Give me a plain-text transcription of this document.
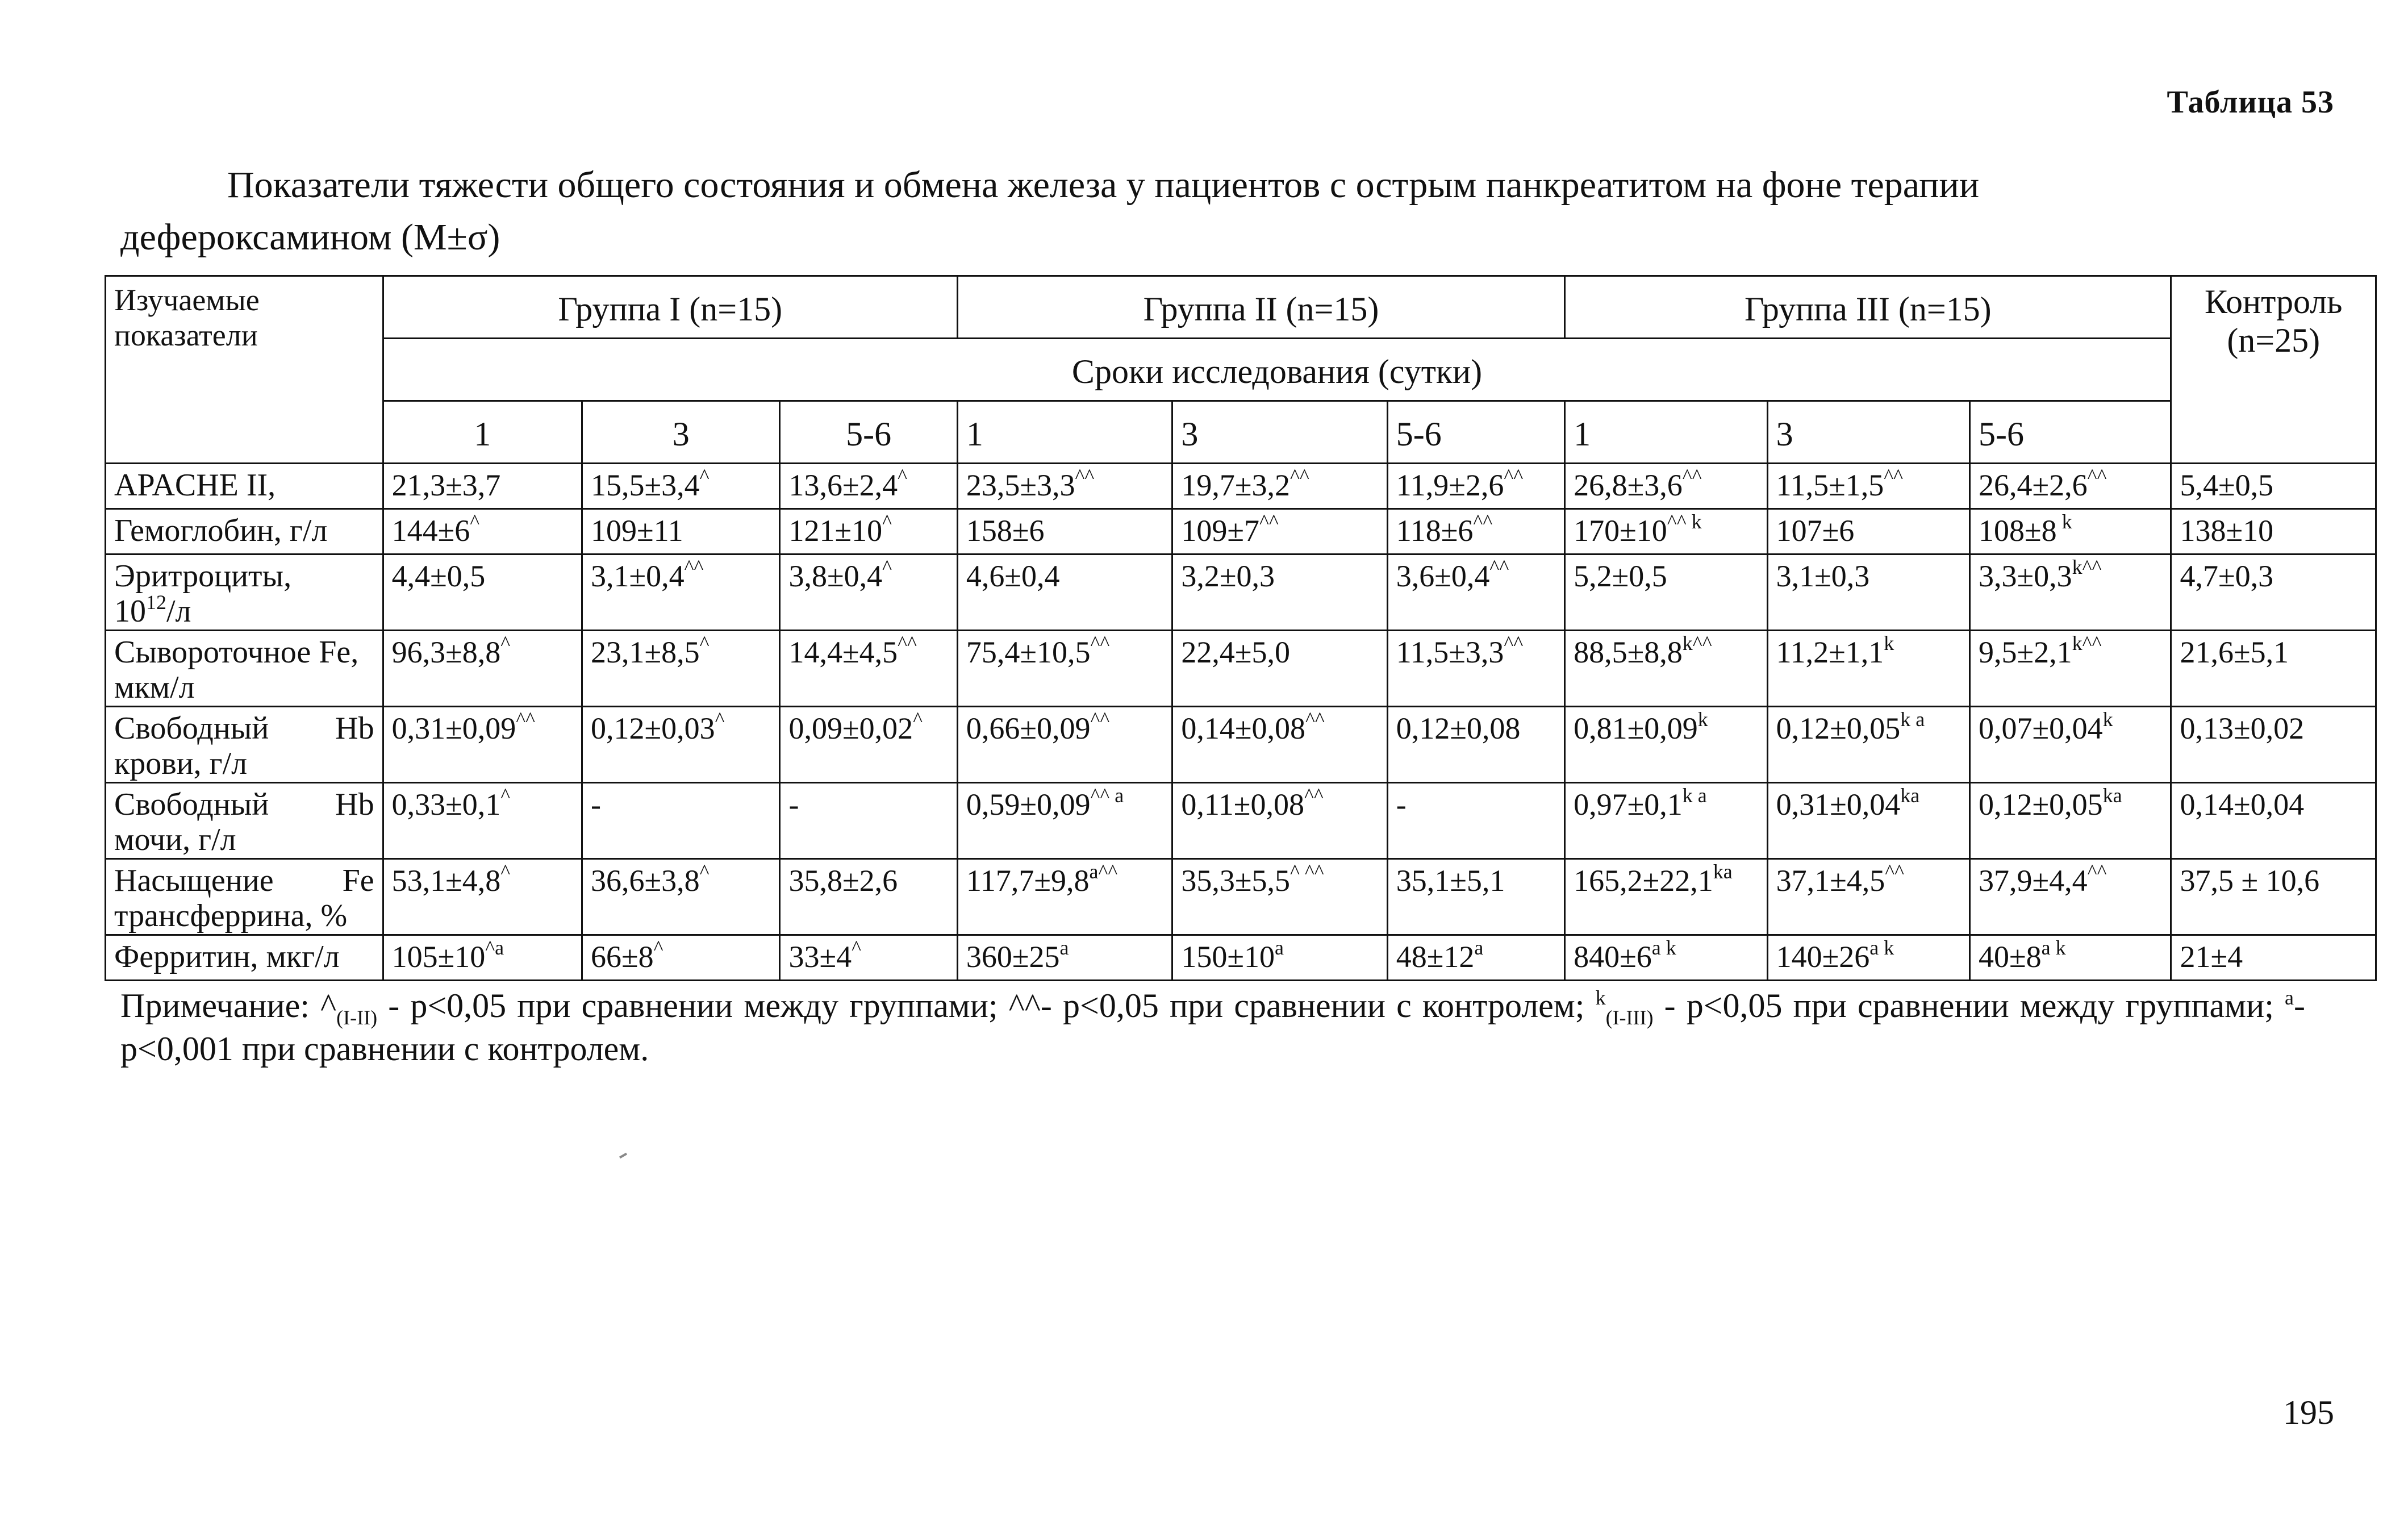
Таблица 53
Показатели тяжести общего состояния и обмена железа у пациентов с острым панкреатитом на фоне терапии
дефероксамином (M±σ)
Изучаемые показатели	Группа I (n=15)			Группа II (n=15)			Группа III (n=15)			Контроль
(n=25)
	Сроки исследования (сутки)									
	1	3	5-6	1	3	5-6	1	3	5-6	
APACHE II,	21,3±3,7	15,5±3,4^	13,6±2,4^	23,5±3,3^^	19,7±3,2^^	11,9±2,6^^	26,8±3,6^^	11,5±1,5^^	26,4±2,6^^	5,4±0,5
Гемоглобин, г/л	144±6^	109±11	121±10^	158±6	109±7^^	118±6^^	$170\pm 10^{\^{}\^{} k}$	107±6	108±8 $^k$	138±10
Эритроциты,
$10^{12}/л$	4,4±0,5	3,1±0,4^^	3,8±0,4^	4,6±0,4	3,2±0,3	3,6±0,4^^	5,2±0,5	3,1±0,3	$3,3\pm 0,3^{k\^{}\^{}}$	4,7±0,3
Сывороточное Fe, мкм/л	96,3±8,8^	23,1±8,5^	14,4±4,5^^	75,4±10,5^^	22,4±5,0	11,5±3,3^^	$88,5\pm 8,8^{k\^{}\^{}}$	$11,2\pm 1,1^k$	$9,5\pm 2,1^{k\^{}\^{}}$	21,6±5,1

Свободный Hb
крови, г/л	0,31±0,09^^	0,12±0,03^	0,09±0,02^	0,66±0,09^^	0,14±0,08^^	0,12±0,08	$0,81\pm 0,09^k$	$0,12\pm 0,05^{k a}$	$0,07\pm 0,04^k$	0,13±0,02

Свободный Hb
мочи, г/л	0,33±0,1^	-	-	$0,59\pm 0,09^{\^{}\^{} a}$	0,11±0,08^^	-	$0,97\pm 0,1^{k a}$	$0,31\pm 0,04^{ka}$	$0,12\pm 0,05^{ka}$	0,14±0,04

Насыщение Fe
трансферрина, %	53,1±4,8^	36,6±3,8^	35,8±2,6	$117,7\pm 9,8^{a\^{}\^{}}$	35,3±5,5^ ^^	35,1±5,1	$165,2\pm 22,1^{ka}$	37,1±4,5^^	37,9±4,4^^	37,5 ± 10,6
Ферритин, мкг/л	$105\pm 10^{\^{}a}$	66±8^	33±4^	$360\pm 25^a$	$150\pm 10^a$	$48\pm 12^a$	$840\pm 6^{a k}$	$140\pm 26^{a k}$	$40\pm 8^{a k}$	21±4
Примечание: $\^{}_{(I-II)} - p<0,05$ при сравнении между группами; ^^- p<0,05 при сравнении с контролем; $^k_{(I-III)}$ - p<0,05 при сравнении между группами; $^a$- p<0,001 при сравнении с контролем.
195
